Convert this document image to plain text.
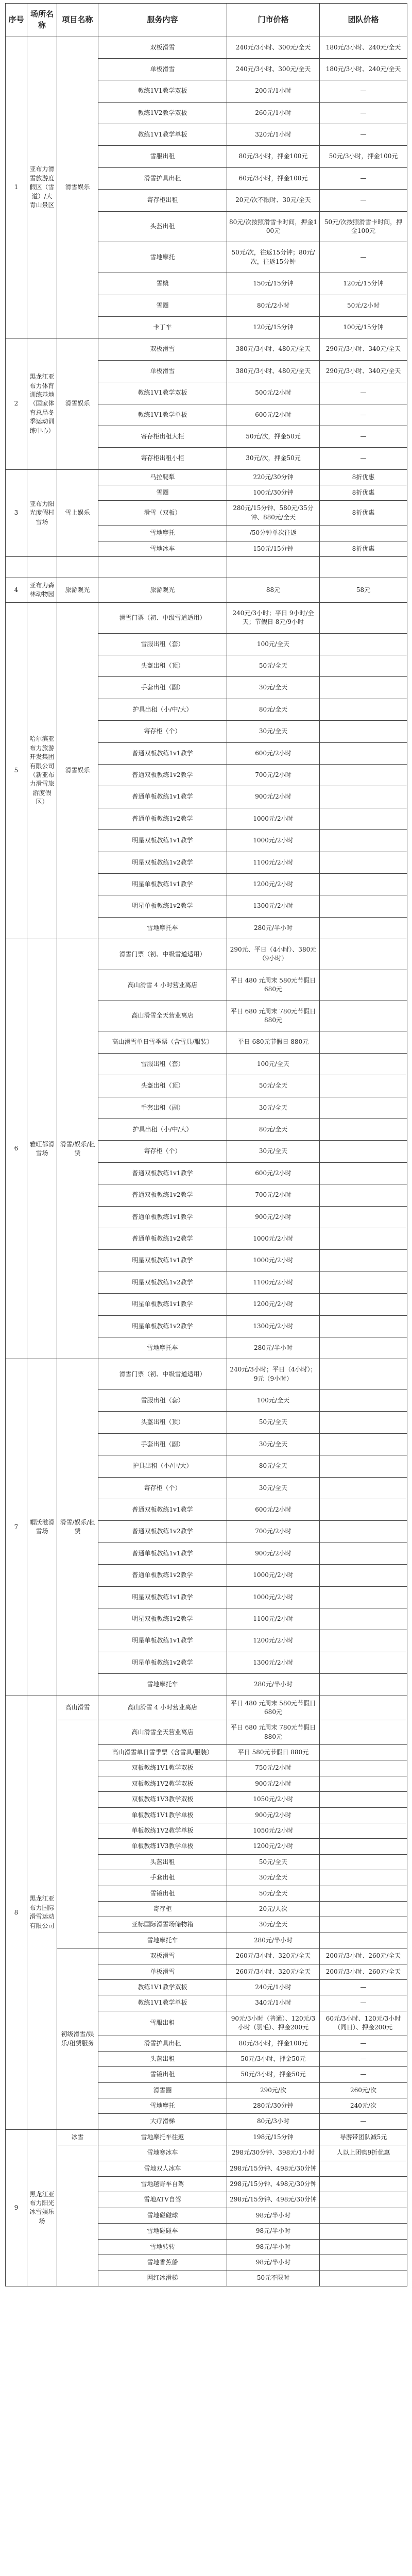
序号	场所名称	项目名称	服务内容	门市价格	团队价格
1	亚布力滑雪旅游度假区（雪道）/大青山景区	滑雪娱乐	双板滑雪	240元/3小时、300元/全天	180元/3小时、240元/全天
			单板滑雪	240元/3小时、300元/全天	180元/3小时、240元/全天
			教练1V1教学双板	200元/1小时	—
			教练1V2教学双板	260元/1小时	—
			教练1V1教学单板	320元/1小时	—
			雪服出租	80元/3小时，押金100元	50元/3小时，押金100元
			滑雪护具出租	60元/3小时，押金100元	—
			寄存柜出租	20元/次不限时、30元/全天	—
			头盔出租	80元/次按照滑雪卡时间，押金100元	50元/次按照滑雪卡时间，押金100元
			雪地摩托	50元/次，往返15分钟；80元/次，往返15分钟	—
			雪橇	150元/15分钟	120元/15分钟
			雪圈	80元/2小时	50元/2小时
			卡丁车	120元/15分钟	100元/15分钟
2	黑龙江亚布力体育训练基地（国家体育总局冬季运动训练中心）	滑雪娱乐	双板滑雪	380元/3小时、480元/全天	290元/3小时、340元/全天
			单板滑雪	380元/3小时、480元/全天	290元/3小时、340元/全天
			教练1V1教学双板	500元/2小时	—
			教练1V1教学单板	600元/2小时	—
			寄存柜出租大柜	50元/次，押金50元	—
			寄存柜出租小柜	30元/次，押金50元	—
3	亚布力阳光度假村雪场	雪上娱乐	马拉爬犁	220元/30分钟	8折优惠
			雪圈	100元/30分钟	8折优惠
			滑雪（双板）	280元/15分钟、580元/35分钟、880元/全天	8折优惠
			雪地摩托	/50分钟单次往返	
			雪地冰车	150元/15分钟	8折优惠

4	亚布力森林动物园	旅游观光	旅游观光	88元	58元
5	哈尔滨亚布力旅游开发集团有限公司（新亚布力滑雪旅游度假区）	滑雪娱乐	滑雪门票（初、中级雪道适用）	240元/3小时；平日 9小时/全天；节假日 8元/9小时	
			雪服出租（套）	100元/全天	
			头盔出租（顶）	50元/全天	
			手套出租（副）	30元/全天	
			护具出租（小/中/大）	80元/全天	
			寄存柜（个）	30元/全天	
			普通双板教练1v1教学	600元/2小时	
			普通双板教练1v2教学	700元/2小时	
			普通单板教练1v1教学	900元/2小时	
			普通单板教练1v2教学	1000元/2小时	
			明星双板教练1v1教学	1000元/2小时	
			明星双板教练1v2教学	1100元/2小时	
			明星单板教练1v1教学	1200元/2小时	
			明星单板教练1v2教学	1300元/2小时	
			雪地摩托车	280元/半小时	
6	雅旺都滑雪场	滑雪/娱乐/租赁	滑雪门票（初、中级雪道适用）	290元、平日（4小时）、380元（9小时）	
			高山滑雪 4 小时营业离店	平日 480 元周末 580元节假日 680元	
			高山滑雪全天营业离店	平日 680 元周末 780元节假日 880元	
			高山滑雪单日雪季票（含雪具/服装）	平日 680元节假日 880元	
			雪服出租（套）	100元/全天	
			头盔出租（顶）	50元/全天	
			手套出租（副）	30元/全天	
			护具出租（小/中/大）	80元/全天	
			寄存柜（个）	30元/全天	
			普通双板教练1v1教学	600元/2小时	
			普通双板教练1v2教学	700元/2小时	
			普通单板教练1v1教学	900元/2小时	
			普通单板教练1v2教学	1000元/2小时	
			明星双板教练1v1教学	1000元/2小时	
			明星双板教练1v2教学	1100元/2小时	
			明星单板教练1v1教学	1200元/2小时	
			明星单板教练1v2教学	1300元/2小时	
			雪地摩托车	280元/半小时	
7	帽沃滋滑雪场	滑雪/娱乐/租赁	滑雪门票（初、中级雪道适用）	240元/3小时；平日（4小时）；9元（9小时）	
			雪服出租（套）	100元/全天	
			头盔出租（顶）	50元/全天	
			手套出租（副）	30元/全天	
			护具出租（小/中/大）	80元/全天	
			寄存柜（个）	30元/全天	
			普通双板教练1v1教学	600元/2小时	
			普通双板教练1v2教学	700元/2小时	
			普通单板教练1v1教学	900元/2小时	
			普通单板教练1v2教学	1000元/2小时	
			明星双板教练1v1教学	1000元/2小时	
			明星双板教练1v2教学	1100元/2小时	
			明星单板教练1v1教学	1200元/2小时	
			明星单板教练1v2教学	1300元/2小时	
			雪地摩托车	280元/半小时	
8	黑龙江亚布力国际滑雪运动有限公司	高山滑雪	高山滑雪 4 小时营业离店	平日 480 元周末 580元节假日 680元	
			高山滑雪全天营业离店	平日 680 元周末 780元节假日 880元	
			高山滑雪单日雪季票（含雪具/服装）	平日 580元节假日 880元	
			双板教练1V1教学双板	750元/2小时	
			双板教练1V2教学双板	900元/2小时	
			双板教练1V3教学双板	1050元/2小时	
			单板教练1V1教学单板	900元/2小时	
			单板教练1V2教学单板	1050元/2小时	
			单板教练1V3教学单板	1200元/2小时	
			头盔出租	50元/全天	
			手套出租	30元/全天	
			雪镜出租	50元/全天	
			寄存柜	20元/人次	
			亚标国际滑雪场储物箱	30元/全天	
			雪地摩托车	280元/半小时	
		初级滑雪/娱乐/租赁服务	双板滑雪	260元/3小时、320元/全天	200元/3小时、260元/全天
			单板滑雪	260元/3小时、320元/全天	200元/3小时、260元/全天
			教练1V1教学双板	240元/1小时	—
			教练1V1教学单板	340元/1小时	—
			雪服出租	90元/3小时（普通）、120元/3小时（羽毛）、押金200元	60元/3小时、120元/3小时（同日）、押金200元
			滑雪护具出租	80元/3小时，押金100元	—
			头盔出租	50元/3小时，押金50元	—
			雪镜出租	50元/3小时，押金50元	—
			滑雪圈	290元/次	260元/次
			雪地摩托	280元/30分钟	240元/次
			大疗滑梯	80元/3小时	—
9	黑龙江亚布力阳光冰雪娱乐场	冰雪	雪地摩托车往返	198元/15分钟	导游带团队减5元
			雪地寒冰车	298元/30分钟、398元/1小时	人以上团购9折优惠
			雪地双人冰车	298元/15分钟、498元/30分钟	
			雪地越野车自驾	298元/15分钟、498元/30分钟	
			雪地ATV自驾	298元/15分钟、498元/30分钟	
			雪地碰碰球	98元/半小时	
			雪地碰碰车	98元/半小时	
			雪地转转	98元/半小时	
			雪地香蕉船	98元/半小时	
			网红冰滑梯	50元不限时	
